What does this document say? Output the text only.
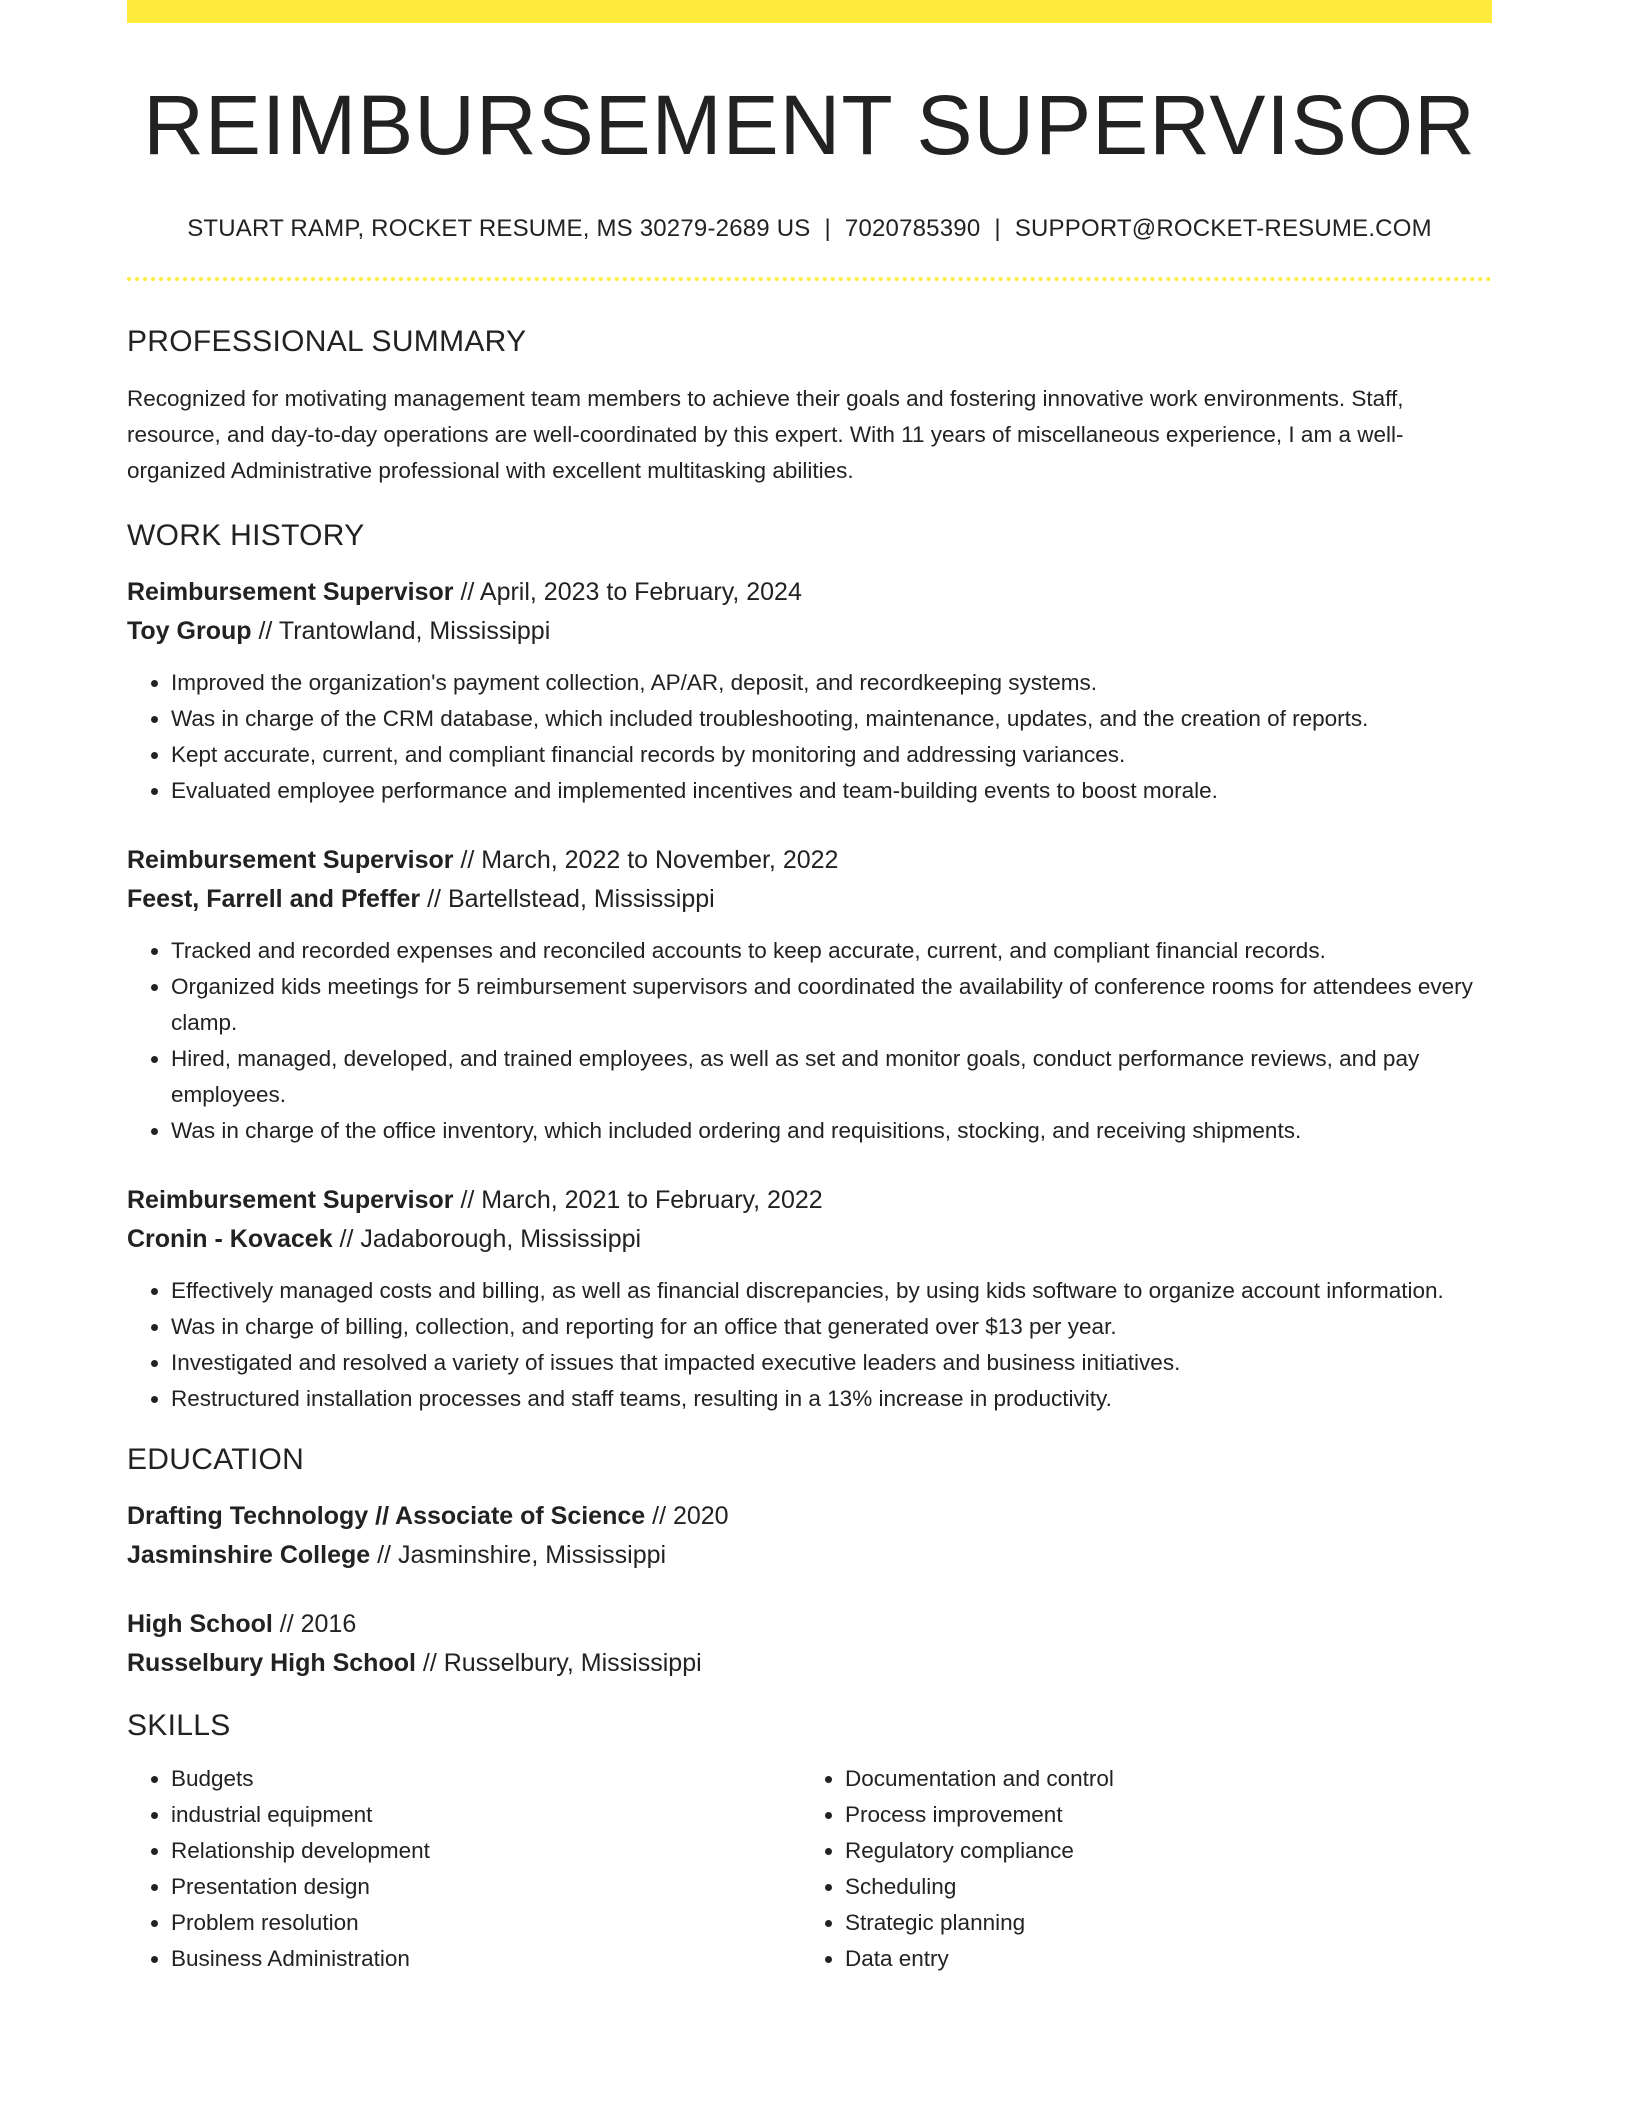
REIMBURSEMENT SUPERVISOR
STUART RAMP, ROCKET RESUME, MS 30279-2689 US | 7020785390 | SUPPORT@ROCKET-RESUME.COM
PROFESSIONAL SUMMARY
Recognized for motivating management team members to achieve their goals and fostering innovative work environments. Staff, resource, and day-to-day operations are well-coordinated by this expert. With 11 years of miscellaneous experience, I am a well-organized Administrative professional with excellent multitasking abilities.
WORK HISTORY
Reimbursement Supervisor // April, 2023 to February, 2024
Toy Group // Trantowland, Mississippi
• Improved the organization's payment collection, AP/AR, deposit, and recordkeeping systems.
• Was in charge of the CRM database, which included troubleshooting, maintenance, updates, and the creation of reports.
• Kept accurate, current, and compliant financial records by monitoring and addressing variances.
• Evaluated employee performance and implemented incentives and team-building events to boost morale.
Reimbursement Supervisor // March, 2022 to November, 2022
Feest, Farrell and Pfeffer // Bartellstead, Mississippi
• Tracked and recorded expenses and reconciled accounts to keep accurate, current, and compliant financial records.
• Organized kids meetings for 5 reimbursement supervisors and coordinated the availability of conference rooms for attendees every clamp.
• Hired, managed, developed, and trained employees, as well as set and monitor goals, conduct performance reviews, and pay employees.
• Was in charge of the office inventory, which included ordering and requisitions, stocking, and receiving shipments.
Reimbursement Supervisor // March, 2021 to February, 2022
Cronin - Kovacek // Jadaborough, Mississippi
• Effectively managed costs and billing, as well as financial discrepancies, by using kids software to organize account information.
• Was in charge of billing, collection, and reporting for an office that generated over $13 per year.
• Investigated and resolved a variety of issues that impacted executive leaders and business initiatives.
• Restructured installation processes and staff teams, resulting in a 13% increase in productivity.
EDUCATION
Drafting Technology // Associate of Science // 2020
Jasminshire College // Jasminshire, Mississippi
High School // 2016
Russelbury High School // Russelbury, Mississippi
SKILLS
• Budgets
• industrial equipment
• Relationship development
• Presentation design
• Problem resolution
• Business Administration
• Documentation and control
• Process improvement
• Regulatory compliance
• Scheduling
• Strategic planning
• Data entry
